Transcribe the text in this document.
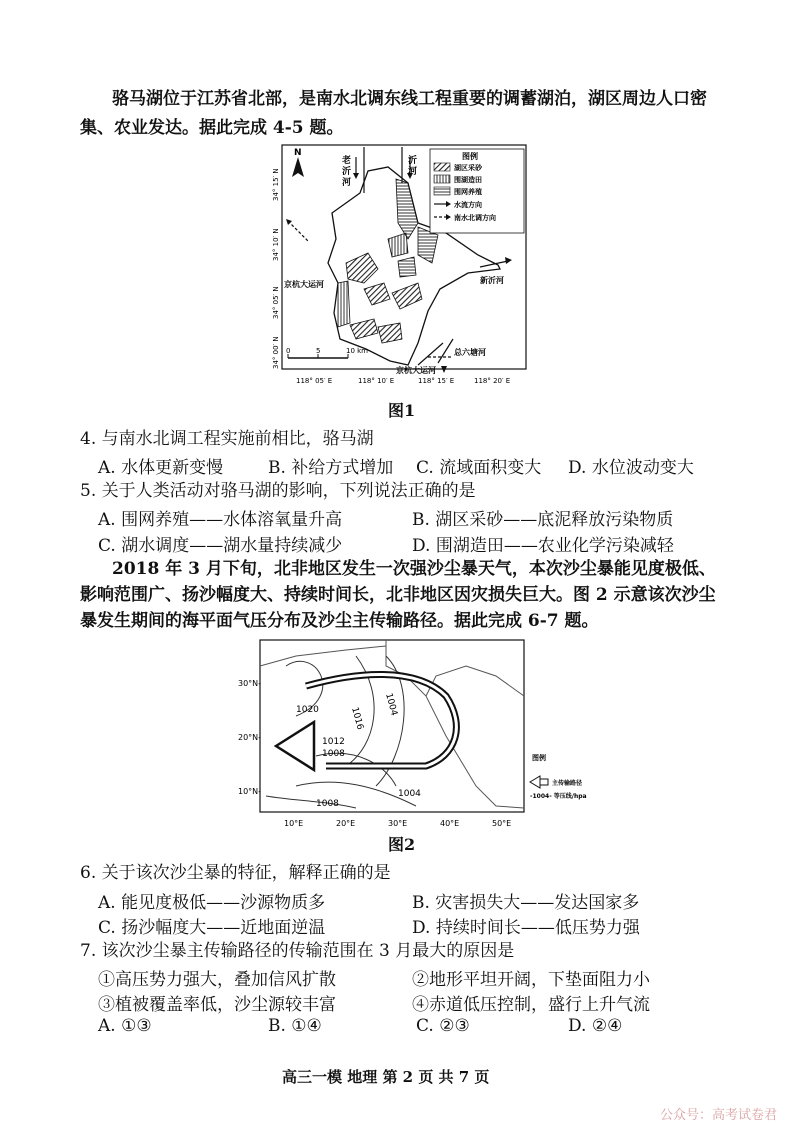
骆马湖位于江苏省北部，是南水北调东线工程重要的调蓄湖泊，湖区周边人口密
集、农业发达。据此完成 4-5 题。
N
老
沂
河
沂
河
京杭大运河
京杭大运河
新沂河
总六塘河
0	5	10 km
34° 15′ N
34° 10′ N
34° 05′ N
34° 00′ N
118° 05′ E	118° 10′ E	118° 15′ E	118° 20′ E
图例
湖区采砂
围湖造田
围网养殖
水流方向
南水北调方向
图1
4. 与南水北调工程实施前相比，骆马湖
A. 水体更新变慢	B. 补给方式增加 C. 流域面积变大 D. 水位波动变大
5. 关于人类活动对骆马湖的影响，下列说法正确的是
A. 围网养殖——水体溶氧量升高	B. 湖区采砂——底泥释放污染物质
C. 湖水调度——湖水量持续减少	D. 围湖造田——农业化学污染减轻
2018 年 3 月下旬，北非地区发生一次强沙尘暴天气，本次沙尘暴能见度极低、
影响范围广、扬沙幅度大、持续时间长，北非地区因灾损失巨大。图 2 示意该次沙尘
暴发生期间的海平面气压分布及沙尘主传输路径。据此完成 6-7 题。
1020	1016
1004
1012
1008
1004
1008
30°N-
20°N-
10°N-
10°E	20°E	30°E	40°E	50°E
图例
主传输路径
-1004- 等压线/hpa
图2
6. 关于该次沙尘暴的特征，解释正确的是
A. 能见度极低——沙源物质多	B. 灾害损失大——发达国家多
C. 扬沙幅度大——近地面逆温	D. 持续时间长——低压势力强
7. 该次沙尘暴主传输路径的传输范围在 3 月最大的原因是
①高压势力强大，叠加信风扩散	②地形平坦开阔，下垫面阻力小
③植被覆盖率低，沙尘源较丰富	④赤道低压控制，盛行上升气流
A. ①③	B. ①④	C. ②③	D. ②④
高三一模 地理 第 2 页 共 7 页
公众号：高考试卷君
